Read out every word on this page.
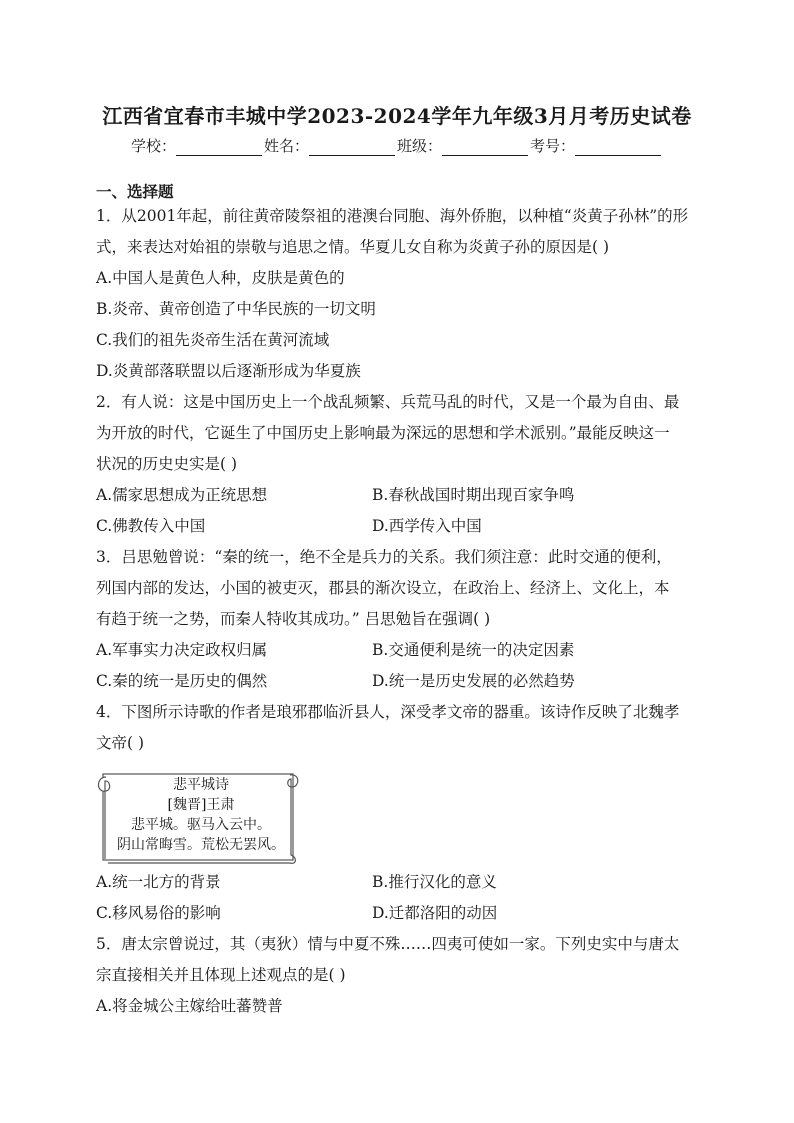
江西省宜春市丰城中学2023-2024学年九年级3月月考历史试卷
学校：	姓名：	班级：	考号：
一、选择题
1．从2001年起，前往黄帝陵祭祖的港澳台同胞、海外侨胞，以种植“炎黄子孙林”的形
式，来表达对始祖的崇敬与追思之情。华夏儿女自称为炎黄子孙的原因是( )
A.中国人是黄色人种，皮肤是黄色的
B.炎帝、黄帝创造了中华民族的一切文明
C.我们的祖先炎帝生活在黄河流域
D.炎黄部落联盟以后逐渐形成为华夏族
2．有人说：这是中国历史上一个战乱频繁、兵荒马乱的时代，又是一个最为自由、最
为开放的时代，它诞生了中国历史上影响最为深远的思想和学术派别。”最能反映这一
状况的历史史实是( )
A.儒家思想成为正统思想	B.春秋战国时期出现百家争鸣
C.佛教传入中国	D.西学传入中国
3．吕思勉曾说：“秦的统一，绝不全是兵力的关系。我们须注意：此时交通的便利，
列国内部的发达，小国的被吏灭，郡县的渐次设立，在政治上、经济上、文化上，本
有趋于统一之势，而秦人特收其成功。” 吕思勉旨在强调( )
A.军事实力决定政权归属	B.交通便利是统一的决定因素
C.秦的统一是历史的偶然	D.统一是历史发展的必然趋势
4．下图所示诗歌的作者是琅邪郡临沂县人，深受孝文帝的器重。该诗作反映了北魏孝
文帝( )
悲平城诗
[魏晋]王肃
悲平城。驱马入云中。
阴山常晦雪。荒松无罢风。
A.统一北方的背景	B.推行汉化的意义
C.移风易俗的影响	D.迁都洛阳的动因
5．唐太宗曾说过，其（夷狄）情与中夏不殊……四夷可使如一家。下列史实中与唐太
宗直接相关并且体现上述观点的是( )
A.将金城公主嫁给吐蕃赞普
